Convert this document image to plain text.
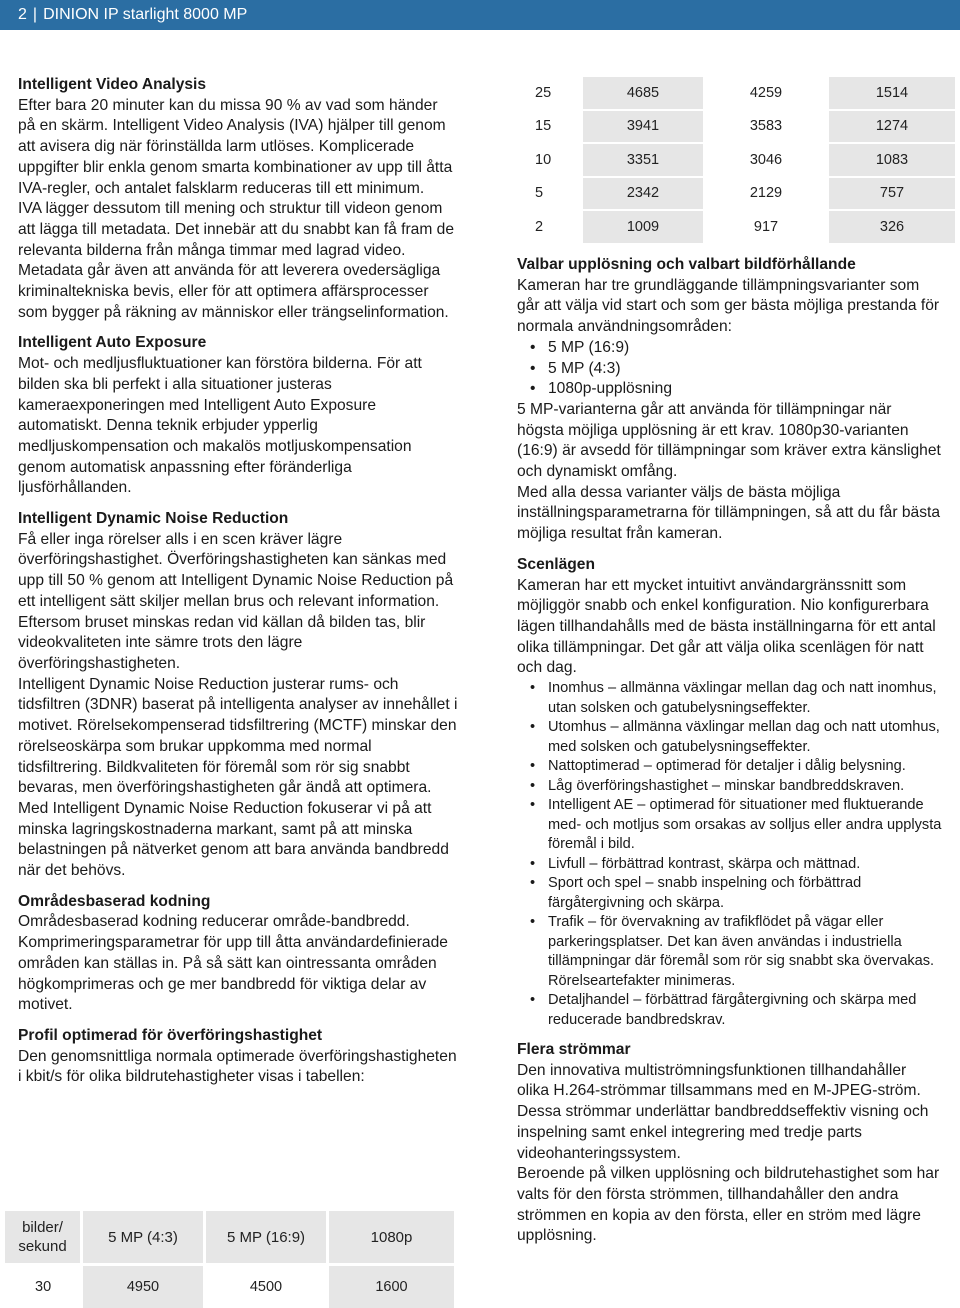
2 | DINION IP starlight 8000 MP
Intelligent Video Analysis

Efter bara 20 minuter kan du missa 90 % av vad som händer på en skärm. Intelligent Video Analysis (IVA) hjälper till genom att avisera dig när förinställda larm utlöses. Komplicerade uppgifter blir enkla genom smarta kombinationer av upp till åtta IVA-regler, och antalet falsklarm reduceras till ett minimum.

IVA lägger dessutom till mening och struktur till videon genom att lägga till metadata. Det innebär att du snabbt kan få fram de relevanta bilderna från många timmar med lagrad video. Metadata går även att använda för att leverera ovedersägliga kriminaltekniska bevis, eller för att optimera affärsprocesser som bygger på räkning av människor eller trängselinformation.

Intelligent Auto Exposure

Mot- och medljusfluktuationer kan förstöra bilderna. För att bilden ska bli perfekt i alla situationer justeras kameraexponeringen med Intelligent Auto Exposure automatiskt. Denna teknik erbjuder ypperlig medljuskompensation och makalös motljuskompensation genom automatisk anpassning efter föränderliga ljusförhållanden.

Intelligent Dynamic Noise Reduction

Få eller inga rörelser alls i en scen kräver lägre överföringshastighet. Överföringshastigheten kan sänkas med upp till 50 % genom att Intelligent Dynamic Noise Reduction på ett intelligent sätt skiljer mellan brus och relevant information. Eftersom bruset minskas redan vid källan då bilden tas, blir videokvaliteten inte sämre trots den lägre överföringshastigheten.

Intelligent Dynamic Noise Reduction justerar rums- och tidsfiltren (3DNR) baserat på intelligenta analyser av innehållet i motivet. Rörelsekompenserad tidsfiltrering (MCTF) minskar den rörelseoskärpa som brukar uppkomma med normal tidsfiltrering. Bildkvaliteten för föremål som rör sig snabbt bevaras, men överföringshastigheten går ändå att optimera.

Med Intelligent Dynamic Noise Reduction fokuserar vi på att minska lagringskostnaderna markant, samt på att minska belastningen på nätverket genom att bara använda bandbredd när det behövs.

Områdesbaserad kodning

Områdesbaserad kodning reducerar område-bandbredd. Komprimeringsparametrar för upp till åtta användardefinierade områden kan ställas in. På så sätt kan ointressanta områden högkomprimeras och ge mer bandbredd för viktiga delar av motivet.

Profil optimerad för överföringshastighet

Den genomsnittliga normala optimerade överföringshastigheten i kbit/s för olika bildrutehastigheter visas i tabellen:

bilder/ sekund	5 MP (4:3)	5 MP (16:9)	1080p
30	4950	4500	1600
25	4685	4259	1514
15	3941	3583	1274
10	3351	3046	1083
5	2342	2129	757
2	1009	917	326
Valbar upplösning och valbart bildförhållande

Kameran har tre grundläggande tillämpningsvarianter som går att välja vid start och som ger bästa möjliga prestanda för normala användningsområden:

• 5 MP (16:9)
• 5 MP (4:3)
• 1080p-upplösning

5 MP-varianterna går att använda för tillämpningar när högsta möjliga upplösning är ett krav. 1080p30-varianten (16:9) är avsedd för tillämpningar som kräver extra känslighet och dynamiskt omfång.

Med alla dessa varianter väljs de bästa möjliga inställningsparametrarna för tillämpningen, så att du får bästa möjliga resultat från kameran.

Scenlägen

Kameran har ett mycket intuitivt användargränssnitt som möjliggör snabb och enkel konfiguration. Nio konfigurerbara lägen tillhandahålls med de bästa inställningarna för ett antal olika tillämpningar. Det går att välja olika scenlägen för natt och dag.

• Inomhus – allmänna växlingar mellan dag och natt inomhus, utan solsken och gatubelysningseffekter.
• Utomhus – allmänna växlingar mellan dag och natt utomhus, med solsken och gatubelysningseffekter.
• Nattoptimerad – optimerad för detaljer i dålig belysning.
• Låg överföringshastighet – minskar bandbreddskraven.
• Intelligent AE – optimerad för situationer med fluktuerande med- och motljus som orsakas av solljus eller andra upplysta föremål i bild.
• Livfull – förbättrad kontrast, skärpa och mättnad.
• Sport och spel – snabb inspelning och förbättrad färgåtergivning och skärpa.
• Trafik – för övervakning av trafikflödet på vägar eller parkeringsplatser. Det kan även användas i industriella tillämpningar där föremål som rör sig snabbt ska övervakas. Rörelseartefakter minimeras.
• Detaljhandel – förbättrad färgåtergivning och skärpa med reducerade bandbredskrav.
Flera strömmar

Den innovativa multiströmningsfunktionen tillhandahåller olika H.264-strömmar tillsammans med en M-JPEG-ström. Dessa strömmar underlättar bandbreddseffektiv visning och inspelning samt enkel integrering med tredje parts videohanteringssystem.

Beroende på vilken upplösning och bildrutehastighet som har valts för den första strömmen, tillhandahåller den andra strömmen en kopia av den första, eller en ström med lägre upplösning.
